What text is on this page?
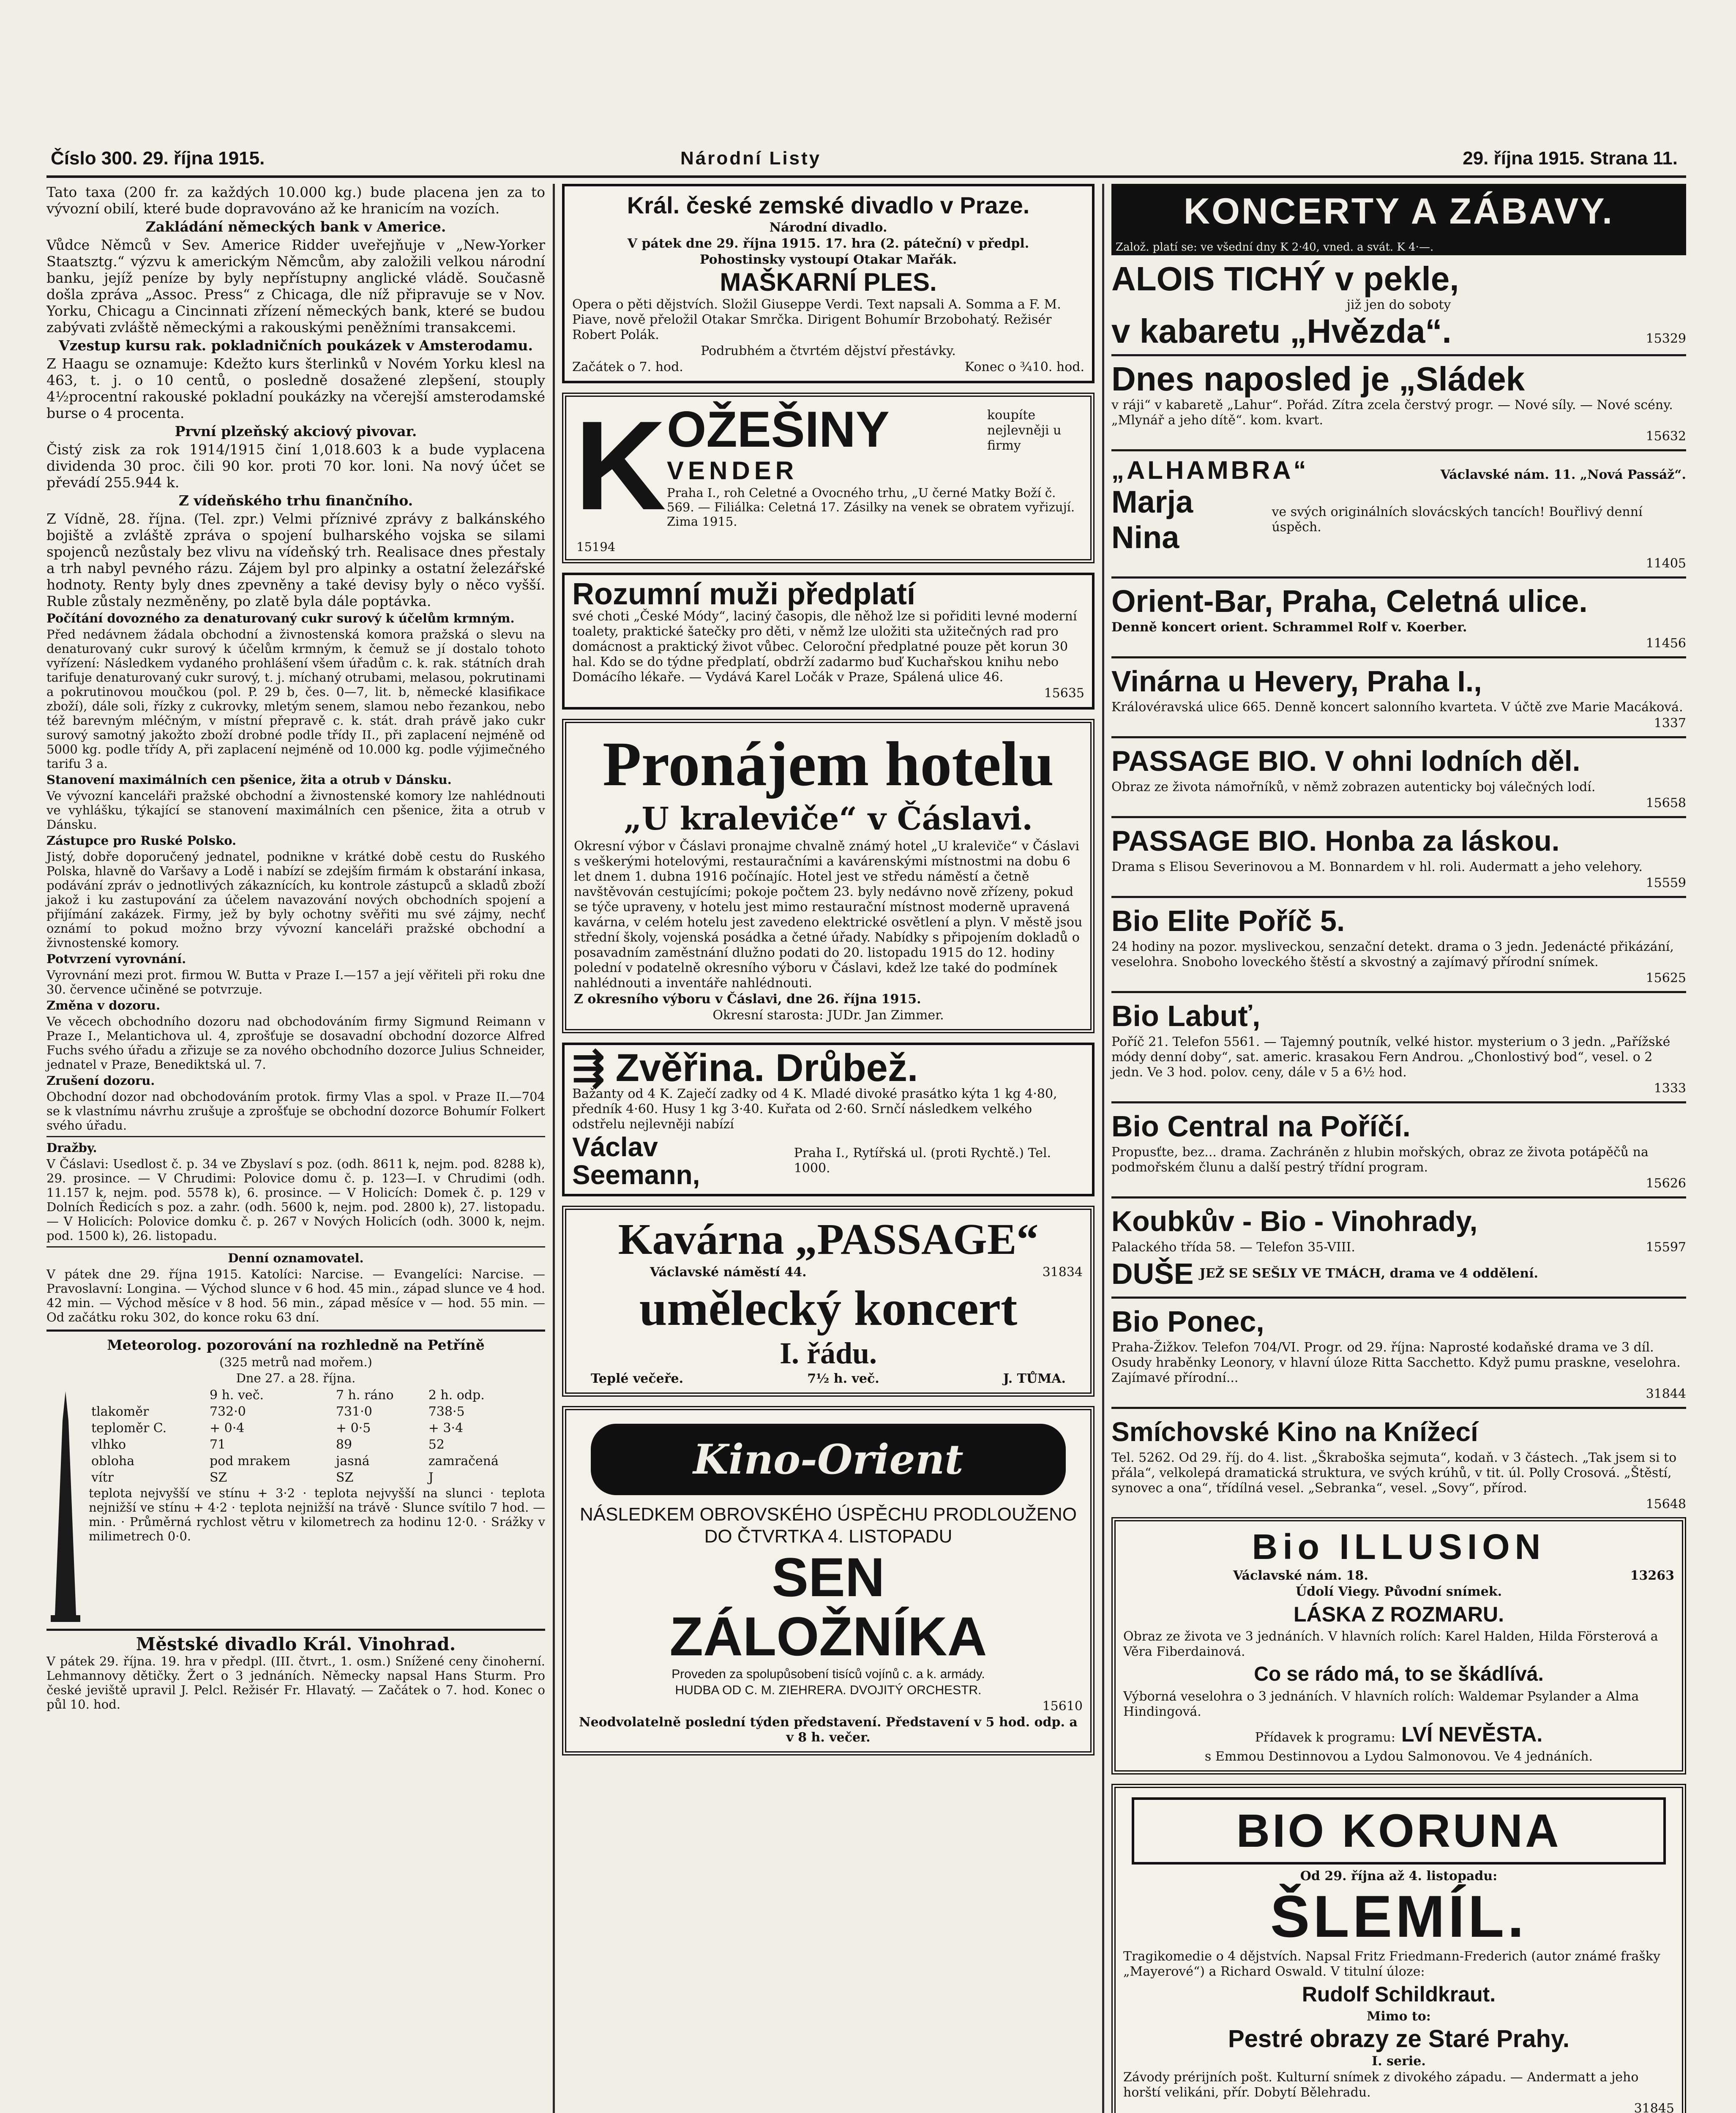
Číslo 300. 29. října 1915.	Národní Listy	29. října 1915. Strana 11.

Tato taxa (200 fr. za každých 10.000 kg.) bude placena jen za to vývozní obilí, které bude dopravováno až ke hranicím na vozích.

Zakládání německých bank v Americe.

Vůdce Němců v Sev. Americe Ridder uveřejňuje v „New-Yorker Staatsztg.“ výzvu k americkým Němcům, aby založili velkou národní banku, jejíž peníze by byly nepřístupny anglické vládě. Současně došla zpráva „Assoc. Press“ z Chicaga, dle níž připravuje se v Nov. Yorku, Chicagu a Cincinnati zřízení německých bank, které se budou zabývati zvláště německými a rakouskými peněžními transakcemi.

Vzestup kursu rak. pokladničních poukázek v Amsterodamu.

Z Haagu se oznamuje: Kdežto kurs šterlinků v Novém Yorku klesl na 463, t. j. o 10 centů, o posledně dosažené zlepšení, stouply 4½procentní rakouské pokladní poukázky na včerejší amsterodamské burse o 4 procenta.

První plzeňský akciový pivovar.

Čistý zisk za rok 1914/1915 činí 1,018.603 k a bude vyplacena dividenda 30 proc. čili 90 kor. proti 70 kor. loni. Na nový účet se převádí 255.944 k.

Z vídeňského trhu finančního.

Z Vídně, 28. října. (Tel. zpr.) Velmi příznivé zprávy z balkánského bojiště a zvláště zpráva o spojení bulharského vojska se silami spojenců nezůstaly bez vlivu na vídeňský trh. Realisace dnes přestaly a trh nabyl pevného rázu. Zájem byl pro alpinky a ostatní železářské hodnoty. Renty byly dnes zpevněny a také devisy byly o něco vyšší. Ruble zůstaly nezměněny, po zlatě byla dále poptávka.

Počítání dovozného za denaturovaný cukr surový k účelům krmným.

Před nedávnem žádala obchodní a živnostenská komora pražská o slevu na denaturovaný cukr surový k účelům krmným, k čemuž se jí dostalo tohoto vyřízení: Následkem vydaného prohlášení všem úřadům c. k. rak. státních drah tarifuje denaturovaný cukr surový, t. j. míchaný otrubami, melasou, pokrutinami a pokrutinovou moučkou (pol. P. 29 b, čes. 0—7, lit. b, německé klasifikace zboží), dále soli, řízky z cukrovky, mletým senem, slamou nebo řezankou, nebo též barevným mléčným, v místní přepravě c. k. stát. drah právě jako cukr surový samotný jakožto zboží drobné podle třídy II., při zaplacení nejméně od 5000 kg. podle třídy A, při zaplacení nejméně od 10.000 kg. podle výjimečného tarifu 3 a.

Stanovení maximálních cen pšenice, žita a otrub v Dánsku.

Ve vývozní kanceláři pražské obchodní a živnostenské komory lze nahlédnouti ve vyhlášku, týkající se stanovení maximálních cen pšenice, žita a otrub v Dánsku.

Zástupce pro Ruské Polsko.

Jistý, dobře doporučený jednatel, podnikne v krátké době cestu do Ruského Polska, hlavně do Varšavy a Lodě i nabízí se zdejším firmám k obstarání inkasa, podávání zpráv o jednotlivých zákaznících, ku kontrole zástupců a skladů zboží jakož i ku zastupování za účelem navazování nových obchodních spojení a přijímání zakázek. Firmy, jež by byly ochotny svěřiti mu své zájmy, nechť oznámí to pokud možno brzy vývozní kanceláři pražské obchodní a živnostenské komory.

Potvrzení vyrovnání.

Vyrovnání mezi prot. firmou W. Butta v Praze I.—157 a její věřiteli při roku dne 30. července učiněné se potvrzuje.

Změna v dozoru.

Ve věcech obchodního dozoru nad obchodováním firmy Sigmund Reimann v Praze I., Melantichova ul. 4, zprošťuje se dosavadní obchodní dozorce Alfred Fuchs svého úřadu a zřizuje se za nového obchodního dozorce Julius Schneider, jednatel v Praze, Benediktská ul. 7.

Zrušení dozoru.

Obchodní dozor nad obchodováním protok. firmy Vlas a spol. v Praze II.—704 se k vlastnímu návrhu zrušuje a zprošťuje se obchodní dozorce Bohumír Folkert svého úřadu.

Dražby.

V Čáslavi: Usedlost č. p. 34 ve Zbyslaví s poz. (odh. 8611 k, nejm. pod. 8288 k), 29. prosince. — V Chrudimi: Polovice domu č. p. 123—I. v Chrudimi (odh. 11.157 k, nejm. pod. 5578 k), 6. prosince. — V Holicích: Domek č. p. 129 v Dolních Ředicích s poz. a zahr. (odh. 5600 k, nejm. pod. 2800 k), 27. listopadu. — V Holicích: Polovice domku č. p. 267 v Nových Holicích (odh. 3000 k, nejm. pod. 1500 k), 26. listopadu.

Denní oznamovatel.

V pátek dne 29. října 1915. Katolíci: Narcise. — Evangelíci: Narcise. — Pravoslavní: Longina. — Východ slunce v 6 hod. 45 min., západ slunce ve 4 hod. 42 min. — Východ měsíce v 8 hod. 56 min., západ měsíce v — hod. 55 min. — Od začátku roku 302, do konce roku 63 dní.

Meteorolog. pozorování na rozhledně na Petříně

(325 metrů nad mořem.)

Dne 27. a 28. října.

	9 h. več.	7 h. ráno	2 h. odp.
tlakoměr	732·0	731·0	738·5
teploměr C.	+ 0·4	+ 0·5	+ 3·4
vlhko	71	89	52
obloha	pod mrakem	jasná	zamračená
vítr	SZ	SZ	J

teplota nejvyšší ve stínu + 3·2 · teplota nejvyšší na slunci · teplota nejnižší ve stínu + 4·2 · teplota nejnižší na trávě · Slunce svítilo 7 hod. — min. · Průměrná rychlost větru v kilometrech za hodinu 12·0. · Srážky v milimetrech 0·0.

Městské divadlo Král. Vinohrad.

V pátek 29. října. 19. hra v předpl. (III. čtvrt., 1. osm.) Snížené ceny činoherní. Lehmannovy dětičky. Žert o 3 jednáních. Německy napsal Hans Sturm. Pro české jeviště upravil J. Pelcl. Režisér Fr. Hlavatý. — Začátek o 7. hod. Konec o půl 10. hod.

Král. české zemské divadlo v Praze.
Národní divadlo.
V pátek dne 29. října 1915. 17. hra (2. páteční) v předpl.
Pohostinsky vystoupí Otakar Mařák.
MAŠKARNÍ PLES.
Opera o pěti dějstvích. Složil Giuseppe Verdi. Text napsali A. Somma a F. M. Piave, nově přeložil Otakar Smrčka. Dirigent Bohumír Brzobohatý. Režisér Robert Polák.
Podrubhém a čtvrtém dějství přestávky.
Začátek o 7. hod.	Konec o ¾10. hod.
K OŽEŠINY	koupíte nejlevněji u firmy
VENDER
Praha I., roh Celetné a Ovocného trhu, „U černé Matky Boží č. 569. — Filiálka: Celetná 17. Zásilky na venek se obratem vyřizují. Zima 1915.
15194
Rozumní muži předplatí
své choti „České Módy“, laciný časopis, dle něhož lze si pořiditi levné moderní toalety, praktické šatečky pro děti, v němž lze uložiti sta užitečných rad pro domácnost a praktický život vůbec. Celoroční předplatné pouze pět korun 30 hal. Kdo se do týdne předplatí, obdrží zadarmo buď Kuchařskou knihu nebo Domácího lékaře. — Vydává Karel Ločák v Praze, Spálená ulice 46.
15635
Pronájem hotelu
„U kraleviče“ v Čáslavi.
Okresní výbor v Čáslavi pronajme chvalně známý hotel „U kraleviče“ v Čáslavi s veškerými hotelovými, restauračními a kavárenskými místnostmi na dobu 6 let dnem 1. dubna 1916 počínajíc. Hotel jest ve středu náměstí a četně navštěvován cestujícími; pokoje počtem 23. byly nedávno nově zřízeny, pokud se týče upraveny, v hotelu jest mimo restaurační místnost moderně upravená kavárna, v celém hotelu jest zavedeno elektrické osvětlení a plyn. V městě jsou střední školy, vojenská posádka a četné úřady. Nabídky s připojením dokladů o posavadním zaměstnání dlužno podati do 20. listopadu 1915 do 12. hodiny polední v podatelně okresního výboru v Čáslavi, kdež lze také do podmínek nahlédnouti a inventáře nahlédnouti.
Z okresního výboru v Čáslavi, dne 26. října 1915.
Okresní starosta: JUDr. Jan Zimmer.
⇶ Zvěřina. Drůbež.
Bažanty od 4 K. Zaječí zadky od 4 K. Mladé divoké prasátko kýta 1 kg 4·80, předník 4·60. Husy 1 kg 3·40. Kuřata od 2·60. Srnčí následkem velkého odstřelu nejlevněji nabízí
Václav Seemann,
Praha I., Rytířská ul. (proti Rychtě.) Tel. 1000.
Kavárna „PASSAGE“
Václavské náměstí 44.	31834
umělecký koncert
I. řádu.
Teplé večeře.	7½ h. več.	J. TŮMA.
Kino-Orient
NÁSLEDKEM OBROVSKÉHO ÚSPĚCHU PRODLOUŽENO DO ČTVRTKA 4. LISTOPADU
SEN
ZÁLOŽNÍKA
Proveden za spolupůsobení tisíců vojínů c. a k. armády.
HUDBA OD C. M. ZIEHRERA. DVOJITÝ ORCHESTR.
15610
Neodvolatelně poslední týden představení. Představení v 5 hod. odp. a v 8 h. večer.
KONCERTY A ZÁBAVY.
Založ. platí se: ve všední dny K 2·40, vned. a svát. K 4·—.
ALOIS TICHÝ v pekle,
již jen do soboty
v kabaretu „Hvězda“.	15329
Dnes naposled je „Sládek
v ráji“ v kabaretě „Lahur“. Pořád. Zítra zcela čerstvý progr. — Nové síly. — Nové scény. „Mlynář a jeho dítě“. kom. kvart.
15632
„ALHAMBRA“	Václavské nám. 11. „Nová Passáž“.
Marja Nina
ve svých originálních slovácských tancích! Bouřlivý denní úspěch.
11405
Orient-Bar, Praha, Celetná ulice.
Denně koncert orient. Schrammel Rolf v. Koerber.
11456
Vinárna u Hevery, Praha I.,
Královéravská ulice 665. Denně koncert salonního kvarteta. V účtě zve Marie Macáková.
1337
PASSAGE BIO. V ohni lodních děl.
Obraz ze života námořníků, v němž zobrazen autenticky boj válečných lodí.
15658
PASSAGE BIO. Honba za láskou.
Drama s Elisou Severinovou a M. Bonnardem v hl. roli. Audermatt a jeho velehory.
15559
Bio Elite Poříč 5.
24 hodiny na pozor. mysliveckou, senzační detekt. drama o 3 jedn. Jedenácté přikázání, veselohra. Snoboho loveckého štěstí a skvostný a zajímavý přírodní snímek.
15625
Bio Labuť,
Poříč 21. Telefon 5561. — Tajemný poutník, velké histor. mysterium o 3 jedn. „Pařížské módy denní doby“, sat. americ. krasakou Fern Androu. „Chonlostivý bod“, vesel. o 2 jedn. Ve 3 hod. polov. ceny, dále v 5 a 6½ hod.
1333
Bio Central na Poříčí.
Propusťte, bez... drama. Zachráněn z hlubin mořských, obraz ze života potápěčů na podmořském člunu a další pestrý třídní program.
15626
Koubkův - Bio - Vinohrady,
Palackého třída 58. — Telefon 35-VIII.	15597
DUŠE JEŽ SE SEŠLY VE TMÁCH, drama ve 4 oddělení.
Bio Ponec,
Praha-Žižkov. Telefon 704/VI. Progr. od 29. října: Naprosté kodaňské drama ve 3 díl. Osudy hraběnky Leonory, v hlavní úloze Ritta Sacchetto. Když pumu praskne, veselohra. Zajímavé přírodní...
31844
Smíchovské Kino na Knížecí
Tel. 5262. Od 29. říj. do 4. list. „Škraboška sejmuta“, kodaň. v 3 částech. „Tak jsem si to přála“, velkolepá dramatická struktura, ve svých krúhů, v tit. úl. Polly Crosová. „Štěstí, synovec a ona“, třídílná vesel. „Sebranka“, vesel. „Sovy“, přírod.
15648
Bio ILLUSION
Václavské nám. 18.	13263
Údolí Viegy. Původní snímek.
LÁSKA Z ROZMARU.
Obraz ze života ve 3 jednáních. V hlavních rolích: Karel Halden, Hilda Försterová a Věra Fiberdainová.
Co se rádo má, to se škádlívá.
Výborná veselohra o 3 jednáních. V hlavních rolích: Waldemar Psylander a Alma Hindingová.
Přídavek k programu: LVÍ NEVĚSTA.
s Emmou Destinnovou a Lydou Salmonovou. Ve 4 jednáních.
BIO KORUNA
Od 29. října až 4. listopadu:
ŠLEMÍL.
Tragikomedie o 4 dějstvích. Napsal Fritz Friedmann-Frederich (autor známé frašky „Mayerové“) a Richard Oswald. V titulní úloze:
Rudolf Schildkraut.
Mimo to:
Pestré obrazy ze Staré Prahy.
I. serie.
Závody prérijních pošt. Kulturní snímek z divokého západu. — Andermatt a jeho horští velikáni, přír. Dobytí Bělehradu.
31845
